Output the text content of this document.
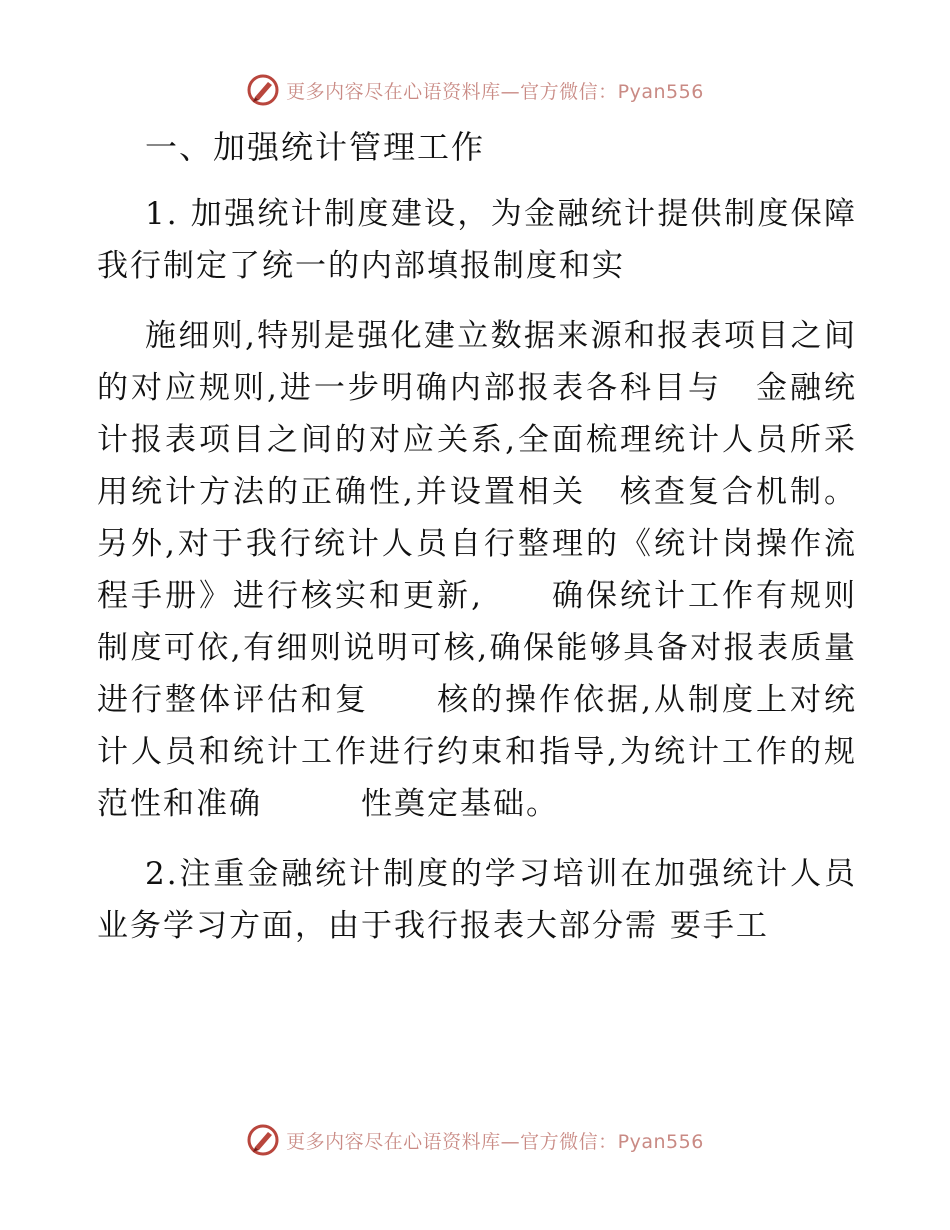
更多内容尽在心语资料库—官方微信：Pyan556

一、加强统计管理工作

1. 加强统计制度建设，为金融统计提供制度保障 我行制定了统一的内部填报制度和实

施细则,特别是强化建立数据来源和报表项目之间的对应规则,进一步明确内部报表各科目与　金融统计报表项目之间的对应关系,全面梳理统计人员所采用统计方法的正确性,并设置相关　核查复合机制。另外,对于我行统计人员自行整理的《统计岗操作流程手册》进行核实和更新,　　确保统计工作有规则制度可依,有细则说明可核,确保能够具备对报表质量进行整体评估和复　　核的操作依据,从制度上对统计人员和统计工作进行约束和指导,为统计工作的规范性和准确　　　性奠定基础。

2.注重金融统计制度的学习培训在加强统计人员业务学习方面，由于我行报表大部分需 要手工

更多内容尽在心语资料库—官方微信：Pyan556
